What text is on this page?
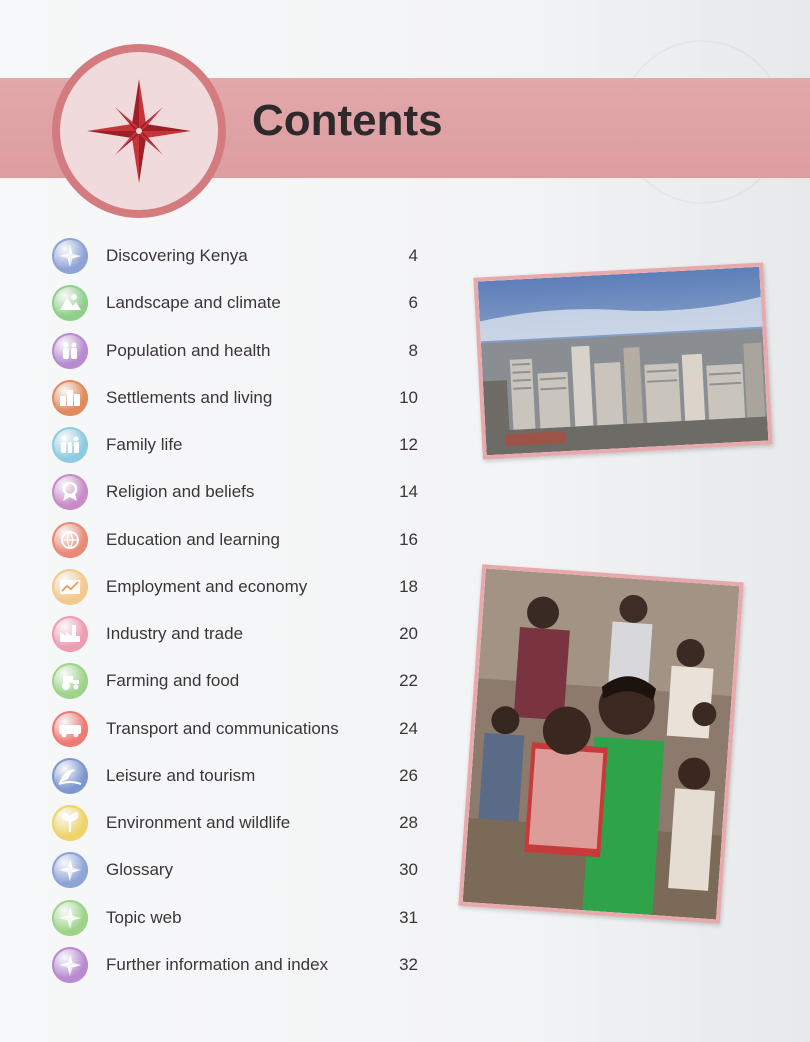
Contents
Discovering Kenya	4
Landscape and climate	6
Population and health	8
Settlements and living	10
Family life	12
Religion and beliefs	14
Education and learning	16
Employment and economy	18
Industry and trade	20
Farming and food	22
Transport and communications	24
Leisure and tourism	26
Environment and wildlife	28
Glossary	30
Topic web	31
Further information and index	32
